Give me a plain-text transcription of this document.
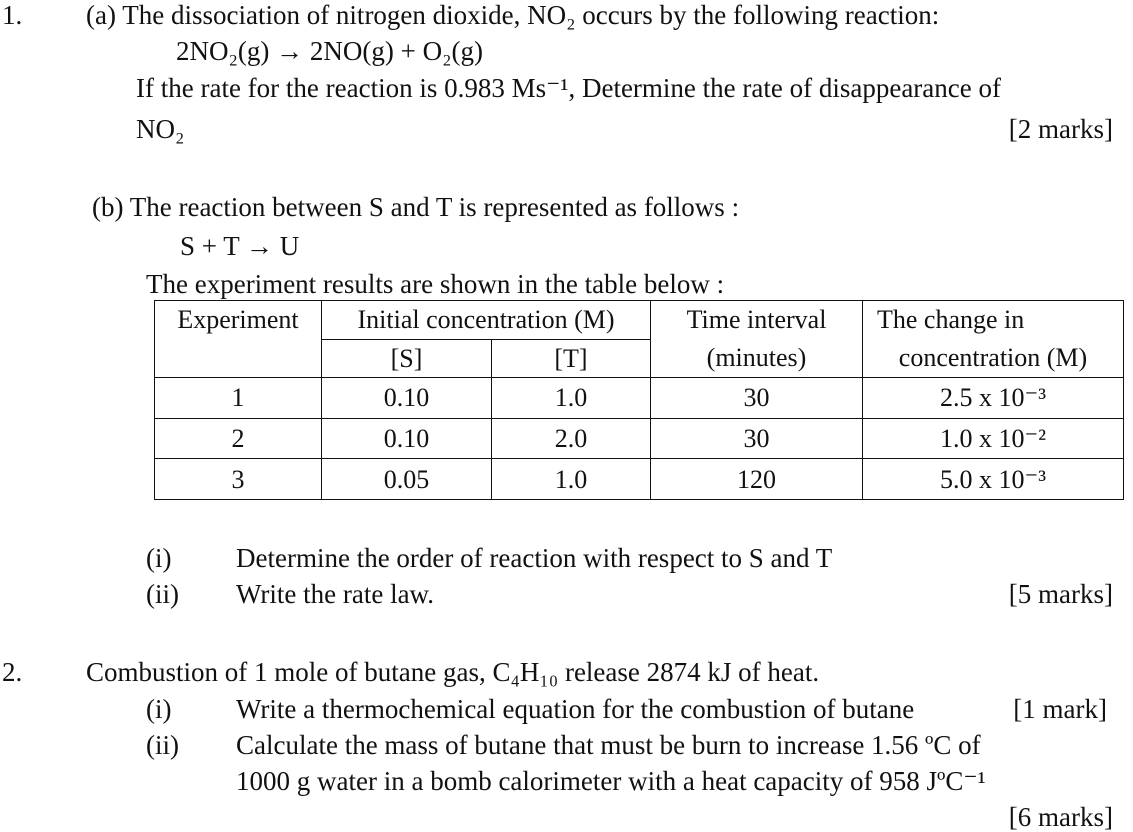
1. (a) The dissociation of nitrogen dioxide, NO₂ occurs by the following reaction:
2NO₂(g) → 2NO(g) + O₂(g)
If the rate for the reaction is 0.983 Ms⁻¹, Determine the rate of disappearance of
NO₂	[2 marks]
(b) The reaction between S and T is represented as follows :
S + T → U
The experiment results are shown in the table below :
Experiment	Initial concentration (M)		Time interval	The change in
	[S]	[T]	(minutes)	concentration (M)
1	0.10	1.0	30	2.5 x 10⁻³
2	0.10	2.0	30	1.0 x 10⁻²
3	0.05	1.0	120	5.0 x 10⁻³
(i) Determine the order of reaction with respect to S and T
(ii) Write the rate law.	[5 marks]
2. Combustion of 1 mole of butane gas, C₄H₁₀ release 2874 kJ of heat.
(i) Write a thermochemical equation for the combustion of butane	[1 mark]
(ii) Calculate the mass of butane that must be burn to increase 1.56 ºC of
1000 g water in a bomb calorimeter with a heat capacity of 958 JºC⁻¹
[6 marks]
